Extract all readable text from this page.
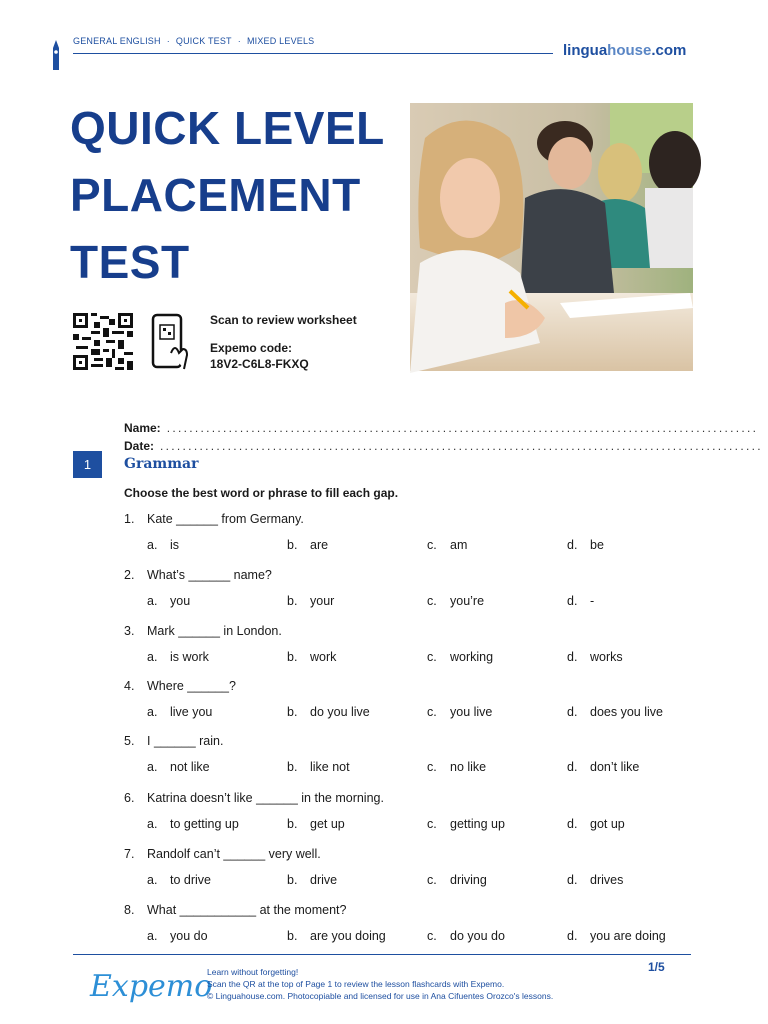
GENERAL ENGLISH · QUICK TEST · MIXED LEVELS
linguahouse.com
QUICK LEVEL
PLACEMENT
TEST
Scan to review worksheet
Expemo code:
18V2-C6L8-FKXQ
Name: .........................................................................................................
Date: ...........................................................................................................
1	Grammar
Choose the best word or phrase to fill each gap.
1. Kate ______ from Germany.
a. is	b. are	c. am	d. be
2. What’s ______ name?
a. you	b. your	c. you’re	d. -
3. Mark ______ in London.
a. is work	b. work	c. working	d. works
4. Where ______?
a. live you	b. do you live	c. you live	d. does you live
5. I ______ rain.
a. not like	b. like not	c. no like	d. don’t like
6. Katrina doesn’t like ______ in the morning.
a. to getting up	b. get up	c. getting up	d. got up
7. Randolf can’t ______ very well.
a. to drive	b. drive	c. driving	d. drives
8. What ___________ at the moment?
a. you do	b. are you doing	c. do you do	d. you are doing
Expemo
Learn without forgetting!
Scan the QR at the top of Page 1 to review the lesson flashcards with Expemo.
© Linguahouse.com. Photocopiable and licensed for use in Ana Cifuentes Orozco's lessons.
1/5
